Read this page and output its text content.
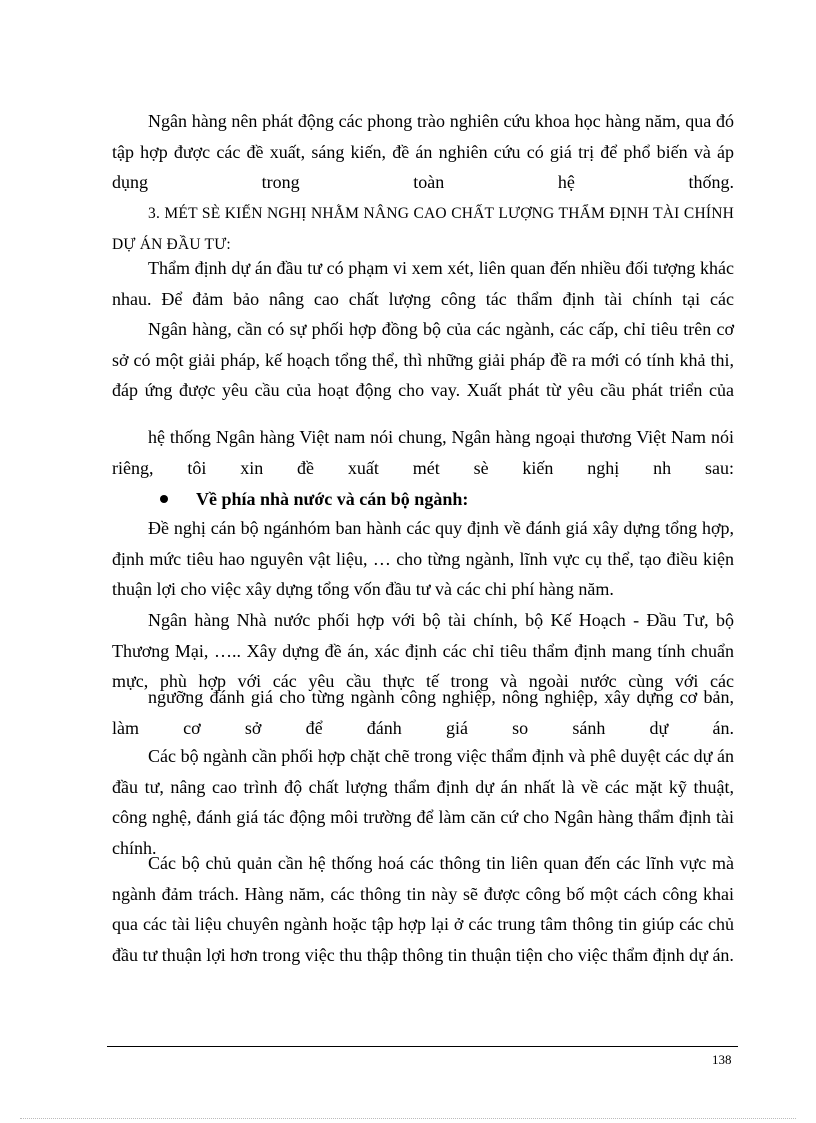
Ngân hàng nên phát động các phong trào nghiên cứu khoa học hàng năm, qua đó tập hợp được các đề xuất, sáng kiến, đề án nghiên cứu có giá trị để phổ biến và áp dụng trong toàn hệ thống.

3. MÉT SÈ KIẾN NGHỊ NHẰM NÂNG CAO CHẤT LƯỢNG THẨM ĐỊNH TÀI CHÍNH DỰ ÁN ĐẦU TƯ:

Thẩm định dự án đầu tư có phạm vi xem xét, liên quan đến nhiều đối tượng khác nhau. Để đảm bảo nâng cao chất lượng công tác thẩm định tài chính tại các

Ngân hàng, cần có sự phối hợp đồng bộ của các ngành, các cấp, chỉ tiêu trên cơ sở có một giải pháp, kế hoạch tổng thể, thì những giải pháp đề ra mới có tính khả thi, đáp ứng được yêu cầu của hoạt động cho vay. Xuất phát từ yêu cầu phát triển của

hệ thống Ngân hàng Việt nam nói chung, Ngân hàng ngoại thương Việt Nam nói riêng, tôi xin đề xuất mét sè kiến nghị nh sau:

Về phía nhà nước và cán bộ ngành:

Đề nghị cán bộ ngánhóm ban hành các quy định về đánh giá xây dựng tổng hợp, định mức tiêu hao nguyên vật liệu, … cho từng ngành, lĩnh vực cụ thể, tạo điều kiện thuận lợi cho việc xây dựng tổng vốn đầu tư và các chi phí hàng năm.

Ngân hàng Nhà nước phối hợp với bộ tài chính, bộ Kế Hoạch - Đầu Tư, bộ Thương Mại, ….. Xây dựng đề án, xác định các chỉ tiêu thẩm định mang tính chuẩn mực, phù hợp với các yêu cầu thực tế trong và ngoài nước cùng với các

ngưỡng đánh giá cho từng ngành công nghiệp, nông nghiệp, xây dựng cơ bản, làm cơ sở để đánh giá so sánh dự án.

Các bộ ngành cần phối hợp chặt chẽ trong việc thẩm định và phê duyệt các dự án đầu tư, nâng cao trình độ chất lượng thẩm định dự án nhất là về các mặt kỹ thuật, công nghệ, đánh giá tác động môi trường để làm căn cứ cho Ngân hàng thẩm định tài chính.

Các bộ chủ quản cần hệ thống hoá các thông tin liên quan đến các lĩnh vực mà ngành đảm trách. Hàng năm, các thông tin này sẽ được công bố một cách công khai qua các tài liệu chuyên ngành hoặc tập hợp lại ở các trung tâm thông tin giúp các chủ đầu tư thuận lợi hơn trong việc thu thập thông tin thuận tiện cho việc thẩm định dự án.

138
